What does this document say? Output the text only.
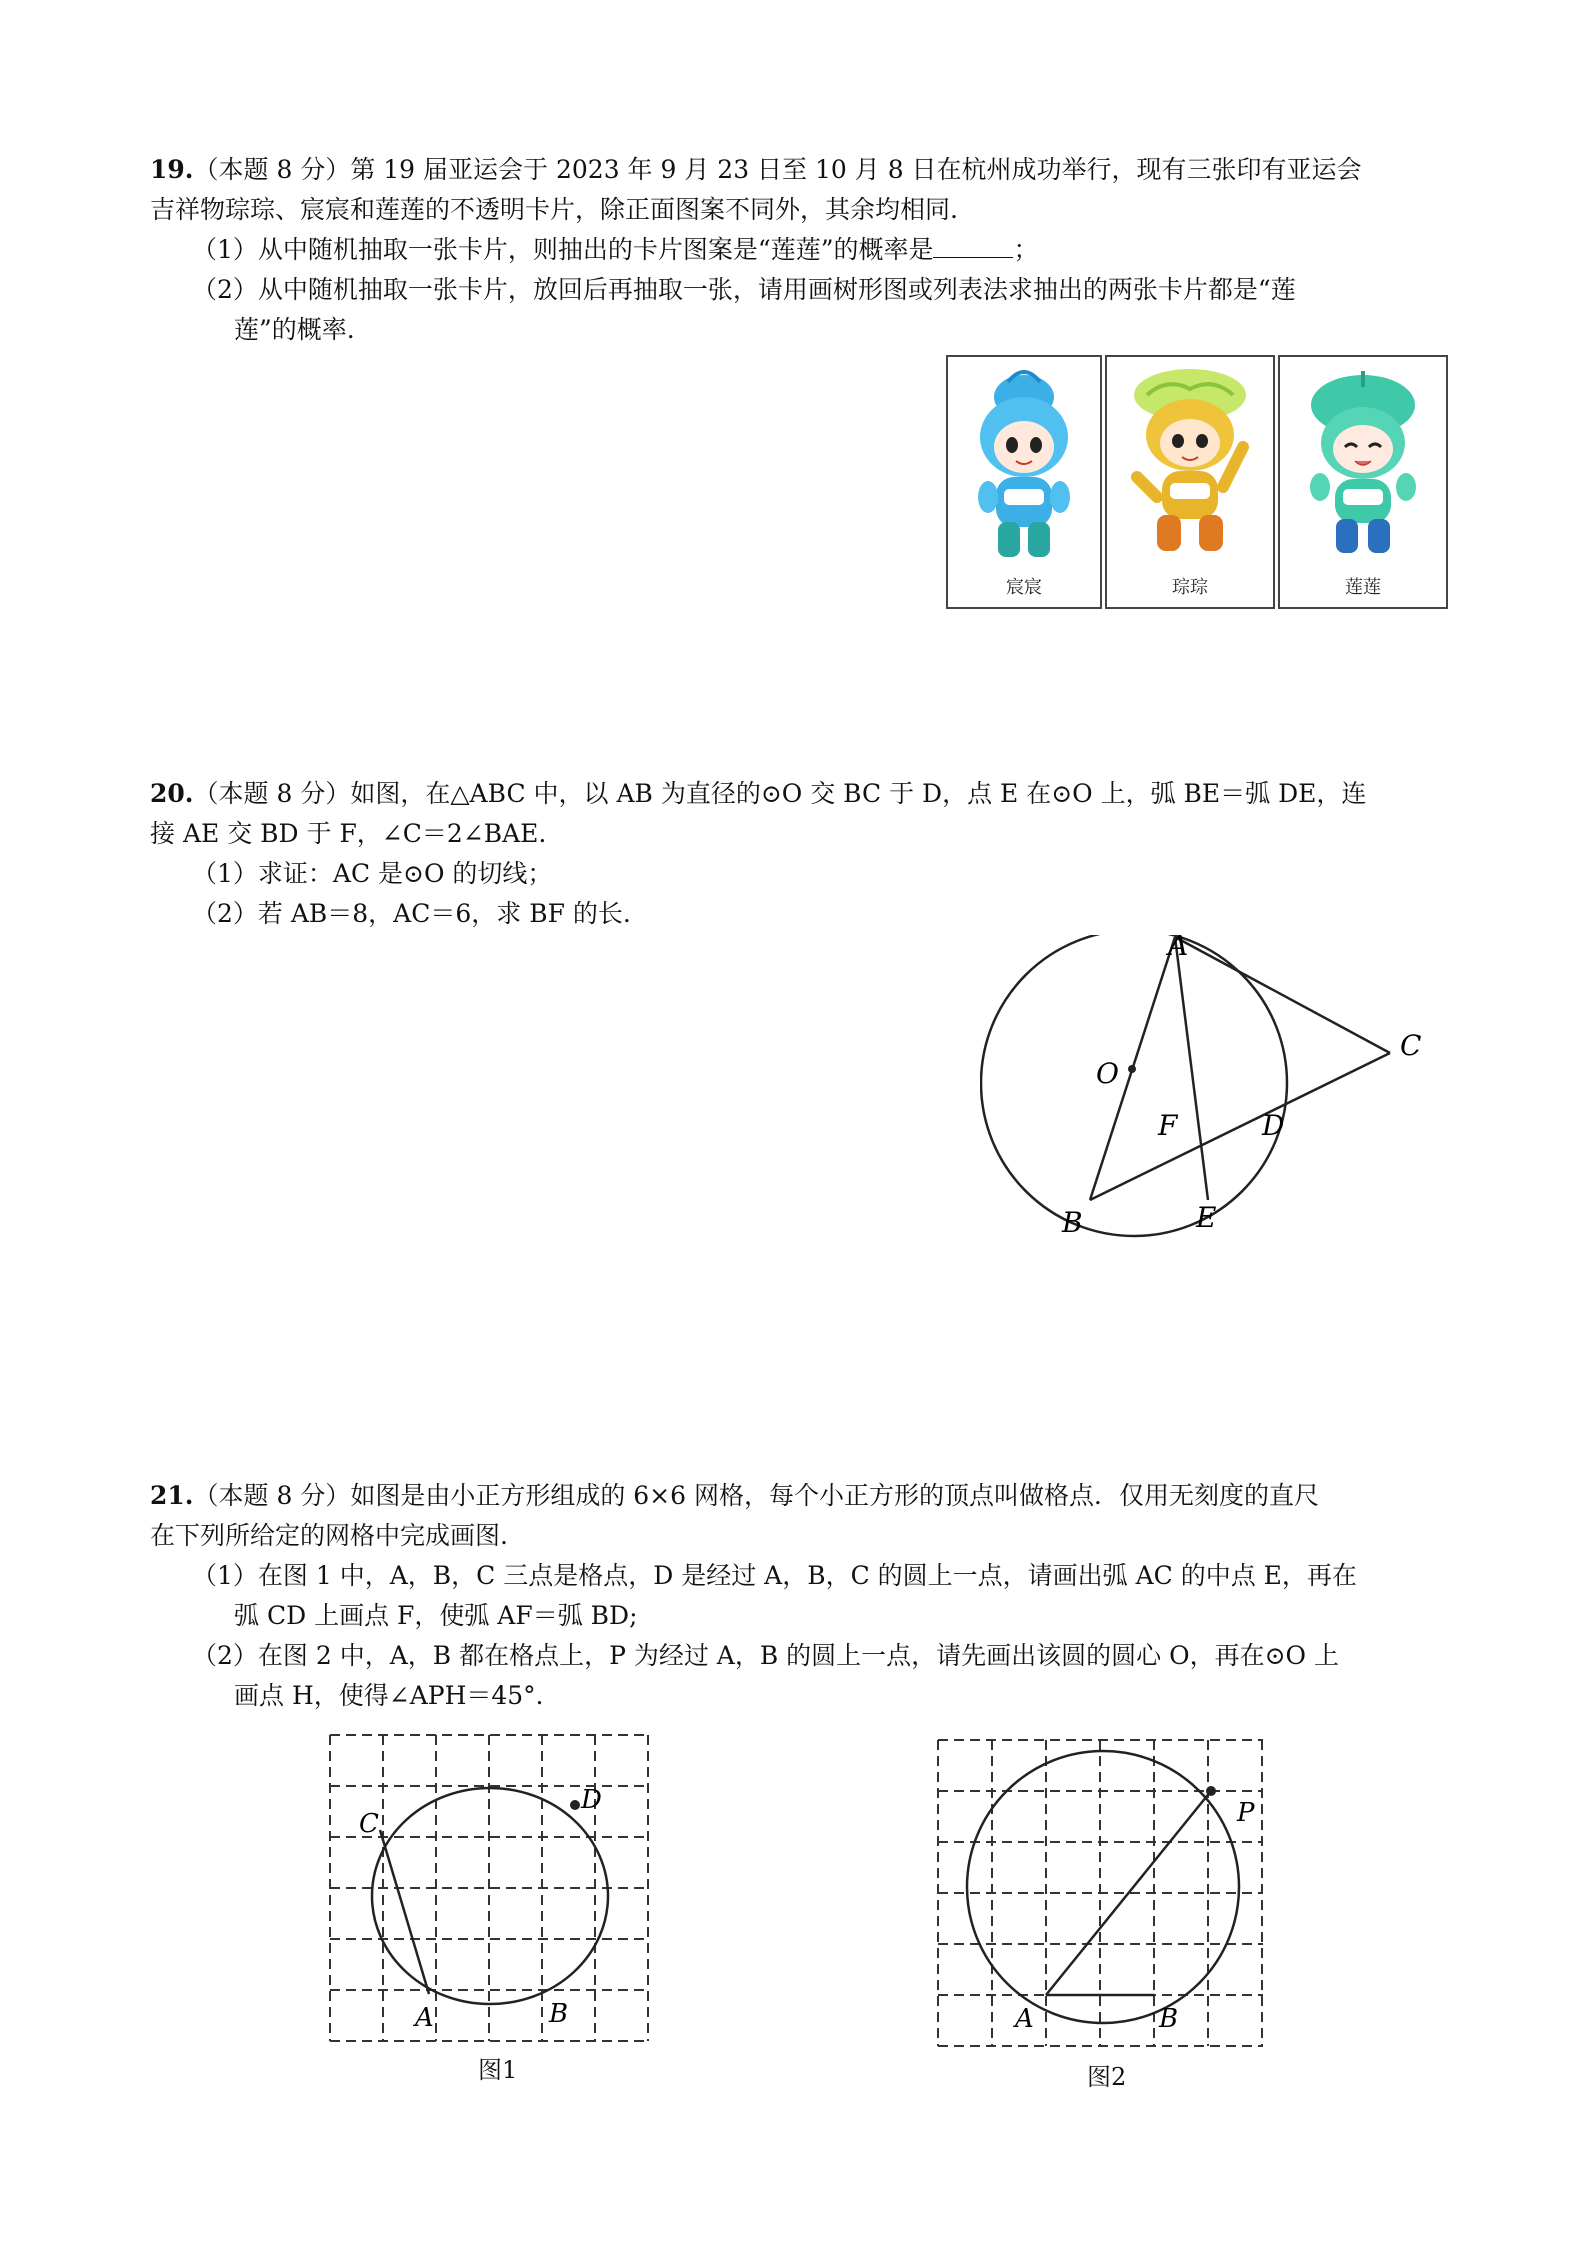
19.（本题 8 分）第 19 届亚运会于 2023 年 9 月 23 日至 10 月 8 日在杭州成功举行，现有三张印有亚运会

吉祥物琮琮、宸宸和莲莲的不透明卡片，除正面图案不同外，其余均相同.

（1）从中随机抽取一张卡片，则抽出的卡片图案是“莲莲”的概率是	；

（2）从中随机抽取一张卡片，放回后再抽取一张，请用画树形图或列表法求抽出的两张卡片都是“莲

莲”的概率.

宸宸	琮琮	莲莲

20.（本题 8 分）如图，在△ABC 中，以 AB 为直径的⊙O 交 BC 于 D，点 E 在⊙O 上，弧 BE＝弧 DE，连

接 AE 交 BD 于 F，∠C＝2∠BAE.

（1）求证：AC 是⊙O 的切线；

（2）若 AB＝8，AC＝6，求 BF 的长.

A
C
O
F	D
B	E

21.（本题 8 分）如图是由小正方形组成的 6×6 网格，每个小正方形的顶点叫做格点．仅用无刻度的直尺

在下列所给定的网格中完成画图.

（1）在图 1 中，A，B，C 三点是格点，D 是经过 A，B，C 的圆上一点，请画出弧 AC 的中点 E，再在

弧 CD 上画点 F，使弧 AF＝弧 BD;

（2）在图 2 中，A，B 都在格点上，P 为经过 A，B 的圆上一点，请先画出该圆的圆心 O，再在⊙O 上

画点 H，使得∠APH＝45°．

C
D
A	B
图1
P
A	B
图2
